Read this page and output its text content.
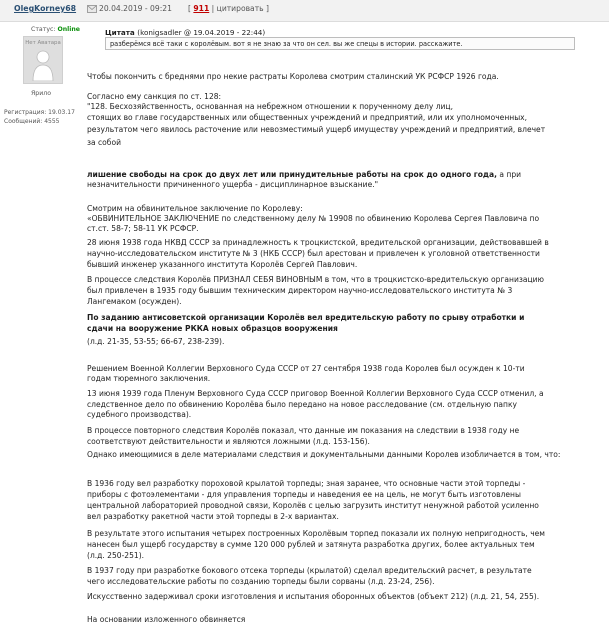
OlegKorney68	20.04.2019 - 09:21 [ 911 | цитировать ]
Статус: Online
Нет Аватара
Ярило
Регистрация: 19.03.17
Сообщений: 4555
Цитата (konigsadler @ 19.04.2019 - 22:44)
разберёмся всё таки с королёвым. вот я не знаю за что он сел. вы же спецы в истории. расскажите.
Чтобы покончить с бреднями про некие растраты Королева смотрим сталинский УК РСФСР 1926 года.
Согласно ему санкция по ст. 128:
"128. Бесхозяйственность, основанная на небрежном отношении к порученному делу лиц,
стоящих во главе государственных или общественных учреждений и предприятий, или их уполномоченных,
результатом чего явилось расточение или невозместимый ущерб имуществу учреждений и предприятий, влечет
за собой
лишение свободы на срок до двух лет или принудительные работы на срок до одного года, а при
незначительности причиненного ущерба - дисциплинарное взыскание."
Смотрим на обвинительное заключение по Королеву:
«ОБВИНИТЕЛЬНОЕ ЗАКЛЮЧЕНИЕ по следственному делу № 19908 по обвинению Королева Сергея Павловича по
ст.ст. 58-7; 58-11 УК РСФСР.
28 июня 1938 года НКВД СССР за принадлежность к троцкистской, вредительской организации, действовавшей в
научно-исследовательском институте № 3 (НКБ СССР) был арестован и привлечен к уголовной ответственности
бывший инженер указанного института Королёв Сергей Павлович.
В процессе следствия Королёв ПРИЗНАЛ СЕБЯ ВИНОВНЫМ в том, что в троцкистско-вредительскую организацию
был привлечен в 1935 году бывшим техническим директором научно-исследовательского института № 3
Лангемаком (осужден).
По заданию антисоветской организации Королёв вел вредительскую работу по срыву отработки и
сдачи на вооружение РККА новых образцов вооружения
(л.д. 21-35, 53-55; 66-67, 238-239).
Решением Военной Коллегии Верховного Суда СССР от 27 сентября 1938 года Королев был осужден к 10-ти
годам тюремного заключения.
13 июня 1939 года Пленум Верховного Суда СССР приговор Военной Коллегии Верховного Суда СССР отменил, а
следственное дело по обвинению Королёва было передано на новое расследование (см. отдельную папку
судебного производства).
В процессе повторного следствия Королёв показал, что данные им показания на следствии в 1938 году не
соответствуют действительности и являются ложными (л.д. 153-156).
Однако имеющимися в деле материалами следствия и документальными данными Королев изобличается в том, что:
В 1936 году вел разработку пороховой крылатой торпеды; зная заранее, что основные части этой торпеды -
приборы с фотоэлементами - для управления торпеды и наведения ее на цель, не могут быть изготовлены
центральной лабораторией проводной связи, Королёв с целью загрузить институт ненужной работой усиленно
вел разработку ракетной части этой торпеды в 2-х вариантах.
В результате этого испытания четырех построенных Королёвым торпед показали их полную непригодность, чем
нанесен был ущерб государству в сумме 120 000 рублей и затянута разработка других, более актуальных тем
(л.д. 250-251).
В 1937 году при разработке бокового отсека торпеды (крылатой) сделал вредительский расчет, в результате
чего исследовательские работы по созданию торпеды были сорваны (л.д. 23-24, 256).
Искусственно задерживал сроки изготовления и испытания оборонных объектов (объект 212) (л.д. 21, 54, 255).
На основании изложенного обвиняется
